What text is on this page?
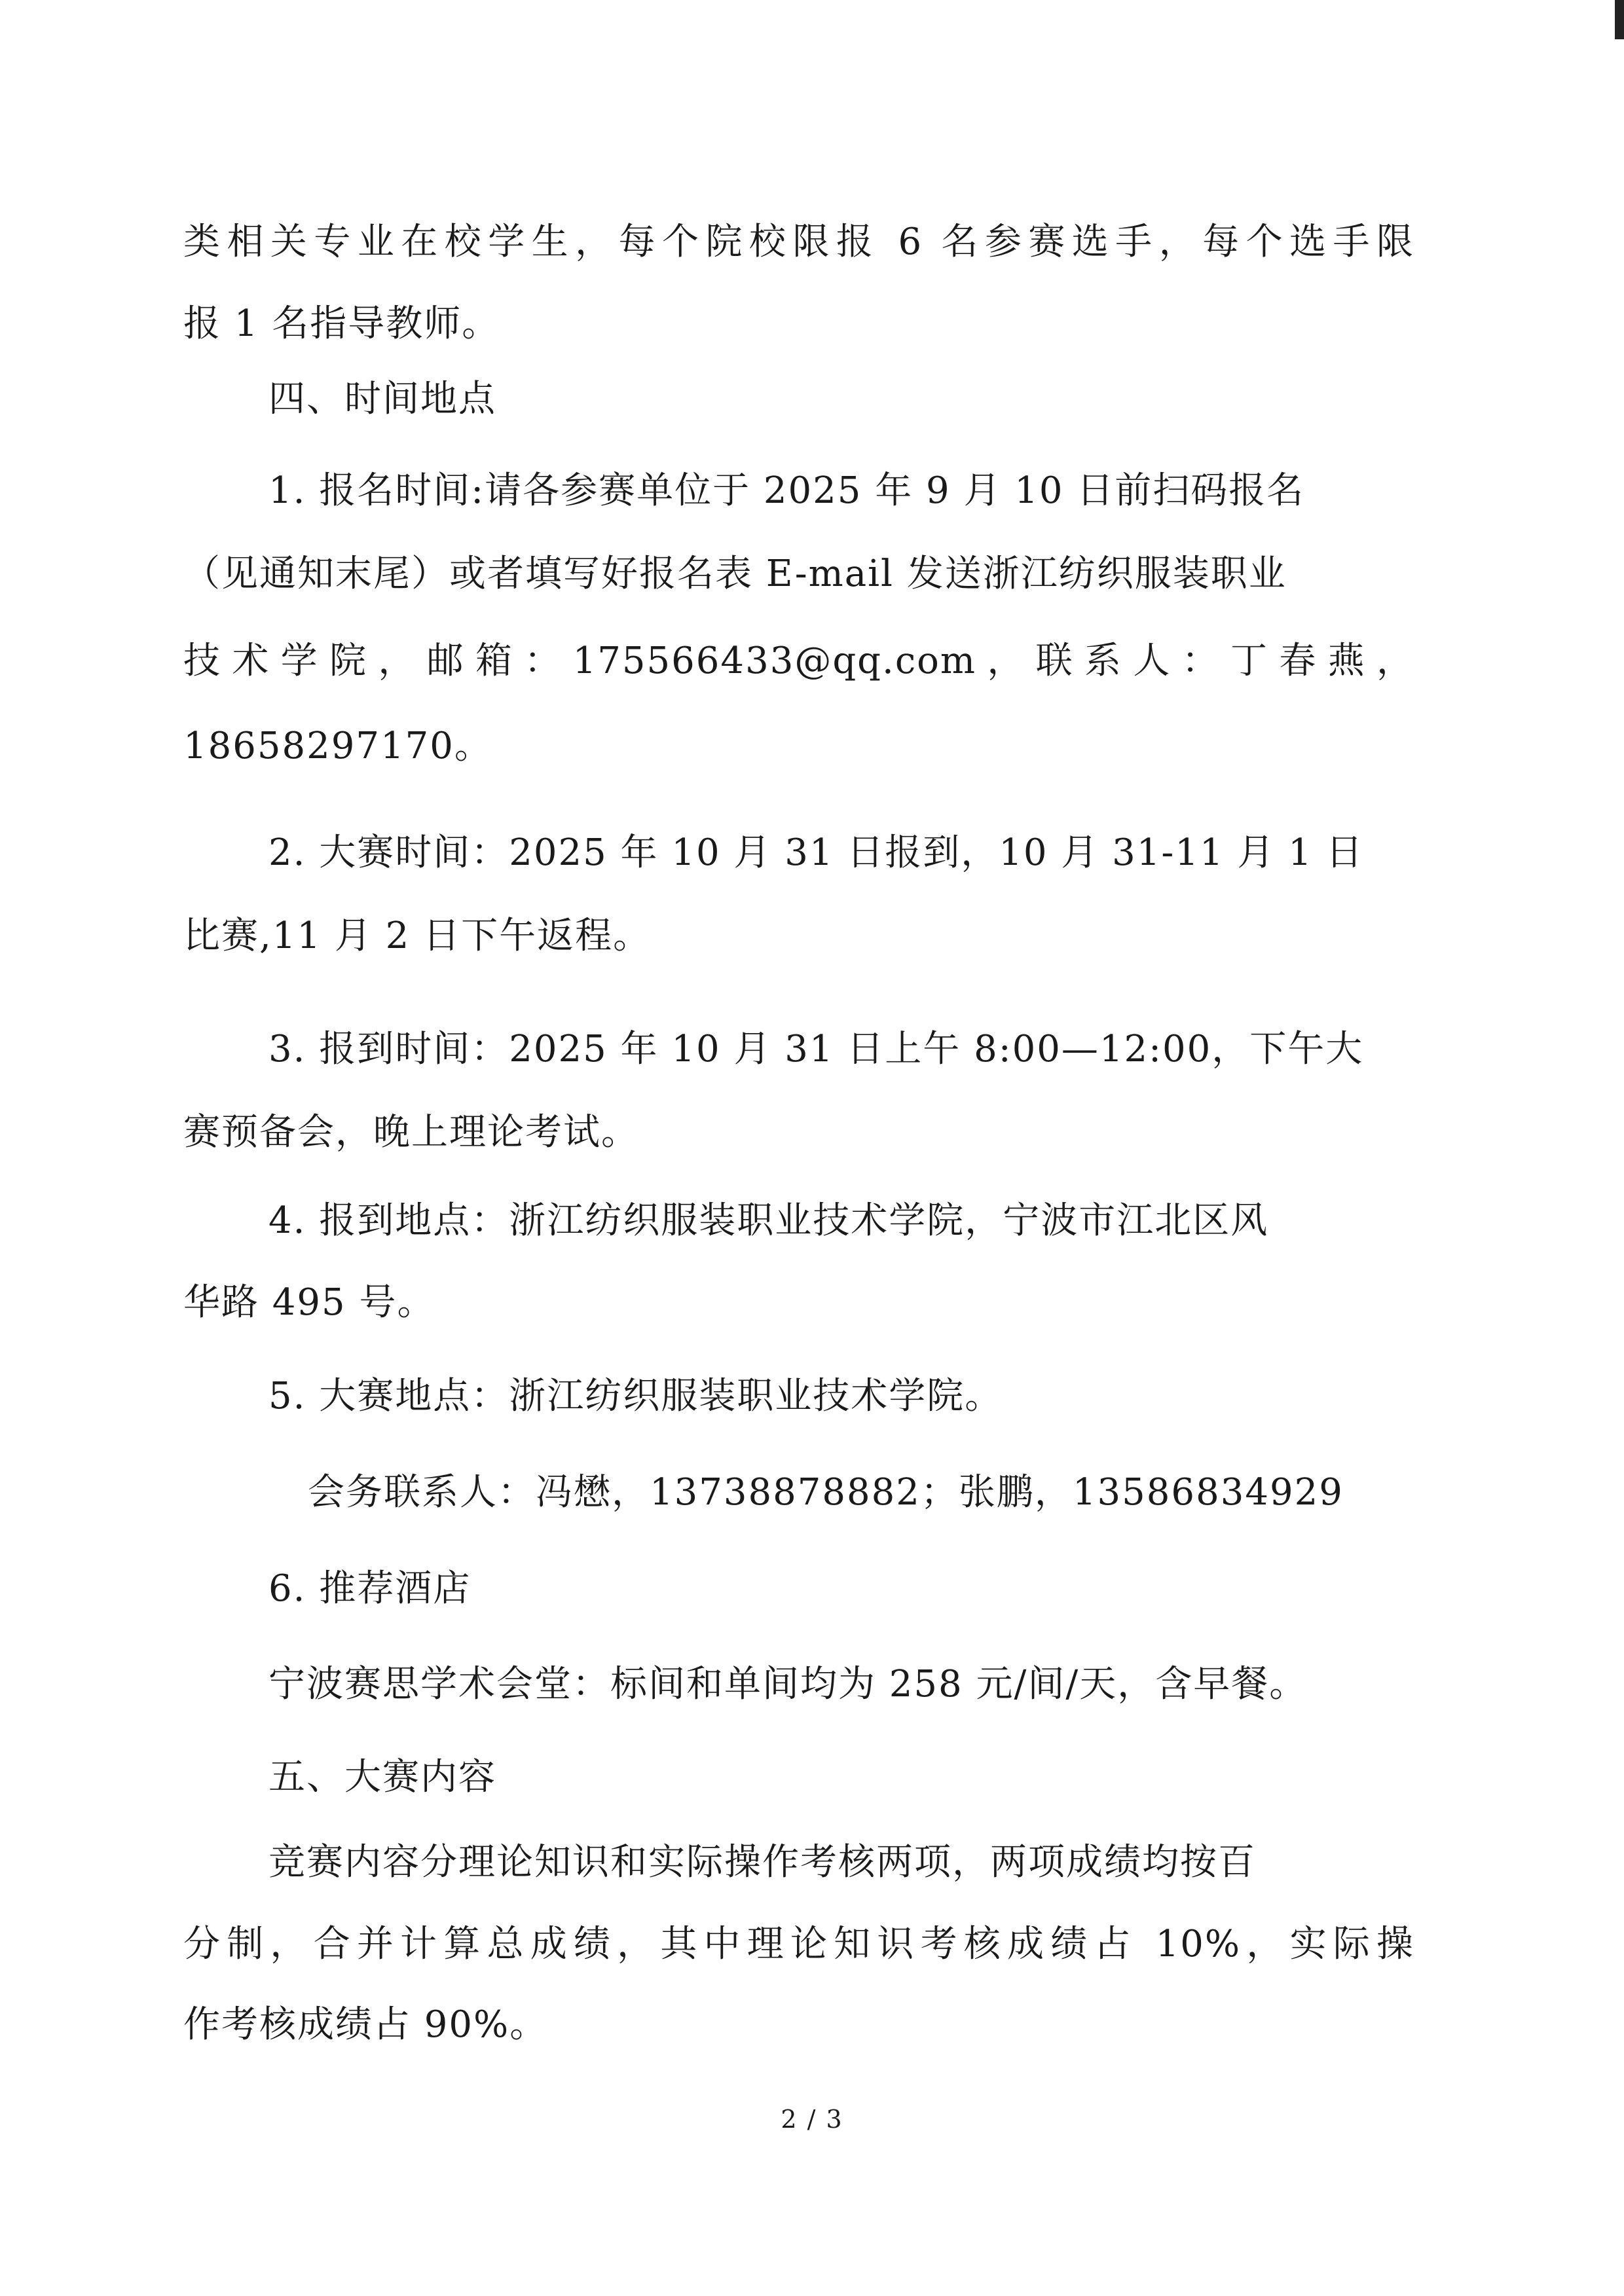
类相关专业在校学生，每个院校限报 6 名参赛选手，每个选手限
报 1 名指导教师。
四、时间地点
1. 报名时间:请各参赛单位于 2025 年 9 月 10 日前扫码报名
（见通知末尾）或者填写好报名表 E-mail 发送浙江纺织服装职业
技术学院，邮箱：175566433@qq.com，联系人：丁春燕，
18658297170。
2. 大赛时间：2025 年 10 月 31 日报到，10 月 31-11 月 1 日
比赛,11 月 2 日下午返程。
3. 报到时间：2025 年 10 月 31 日上午 8:00—12:00，下午大
赛预备会，晚上理论考试。
4. 报到地点：浙江纺织服装职业技术学院，宁波市江北区风
华路 495 号。
5. 大赛地点：浙江纺织服装职业技术学院。
会务联系人：冯懋，13738878882；张鹏，13586834929
6. 推荐酒店
宁波赛思学术会堂：标间和单间均为 258 元/间/天，含早餐。
五、大赛内容
竞赛内容分理论知识和实际操作考核两项，两项成绩均按百
分制，合并计算总成绩，其中理论知识考核成绩占 10%，实际操
作考核成绩占 90%。
2 / 3
